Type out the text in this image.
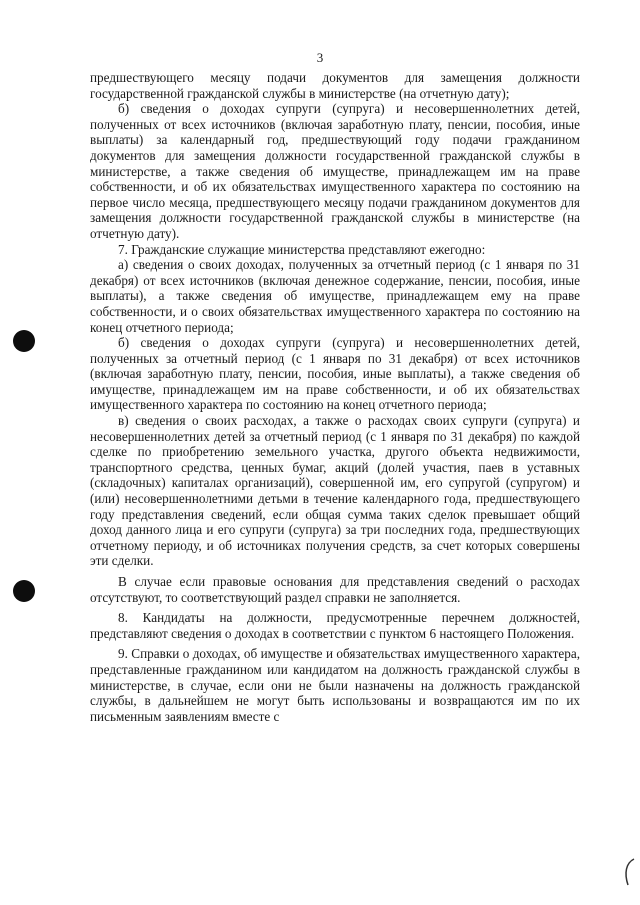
3

предшествующего месяцу подачи документов для замещения должности государственной гражданской службы в министерстве (на отчетную дату);

б) сведения о доходах супруги (супруга) и несовершеннолетних детей, полученных от всех источников (включая заработную плату, пенсии, пособия, иные выплаты) за календарный год, предшествующий году подачи гражданином документов для замещения должности государственной гражданской службы в министерстве, а также сведения об имуществе, принадлежащем им на праве собственности, и об их обязательствах имущественного характера по состоянию на первое число месяца, предшествующего месяцу подачи гражданином документов для замещения должности государственной гражданской службы в министерстве (на отчетную дату).

7. Гражданские служащие министерства представляют ежегодно:

а) сведения о своих доходах, полученных за отчетный период (с 1 января по 31 декабря) от всех источников (включая денежное содержание, пенсии, пособия, иные выплаты), а также сведения об имуществе, принадлежащем ему на праве собственности, и о своих обязательствах имущественного характера по состоянию на конец отчетного периода;

б) сведения о доходах супруги (супруга) и несовершеннолетних детей, полученных за отчетный период (с 1 января по 31 декабря) от всех источников (включая заработную плату, пенсии, пособия, иные выплаты), а также сведения об имуществе, принадлежащем им на праве собственности, и об их обязательствах имущественного характера по состоянию на конец отчетного периода;

в) сведения о своих расходах, а также о расходах своих супруги (супруга) и несовершеннолетних детей за отчетный период (с 1 января по 31 декабря) по каждой сделке по приобретению земельного участка, другого объекта недвижимости, транспортного средства, ценных бумаг, акций (долей участия, паев в уставных (складочных) капиталах организаций), совершенной им, его супругой (супругом) и (или) несовершеннолетними детьми в течение календарного года, предшествующего году представления сведений, если общая сумма таких сделок превышает общий доход данного лица и его супруги (супруга) за три последних года, предшествующих отчетному периоду, и об источниках получения средств, за счет которых совершены эти сделки.

В случае если правовые основания для представления сведений о расходах отсутствуют, то соответствующий раздел справки не заполняется.

8. Кандидаты на должности, предусмотренные перечнем должностей, представляют сведения о доходах в соответствии с пунктом 6 настоящего Положения.

9. Справки о доходах, об имуществе и обязательствах имущественного характера, представленные гражданином или кандидатом на должность гражданской службы в министерстве, в случае, если они не были назначены на должность гражданской службы, в дальнейшем не могут быть использованы и возвращаются им по их письменным заявлениям вместе с
